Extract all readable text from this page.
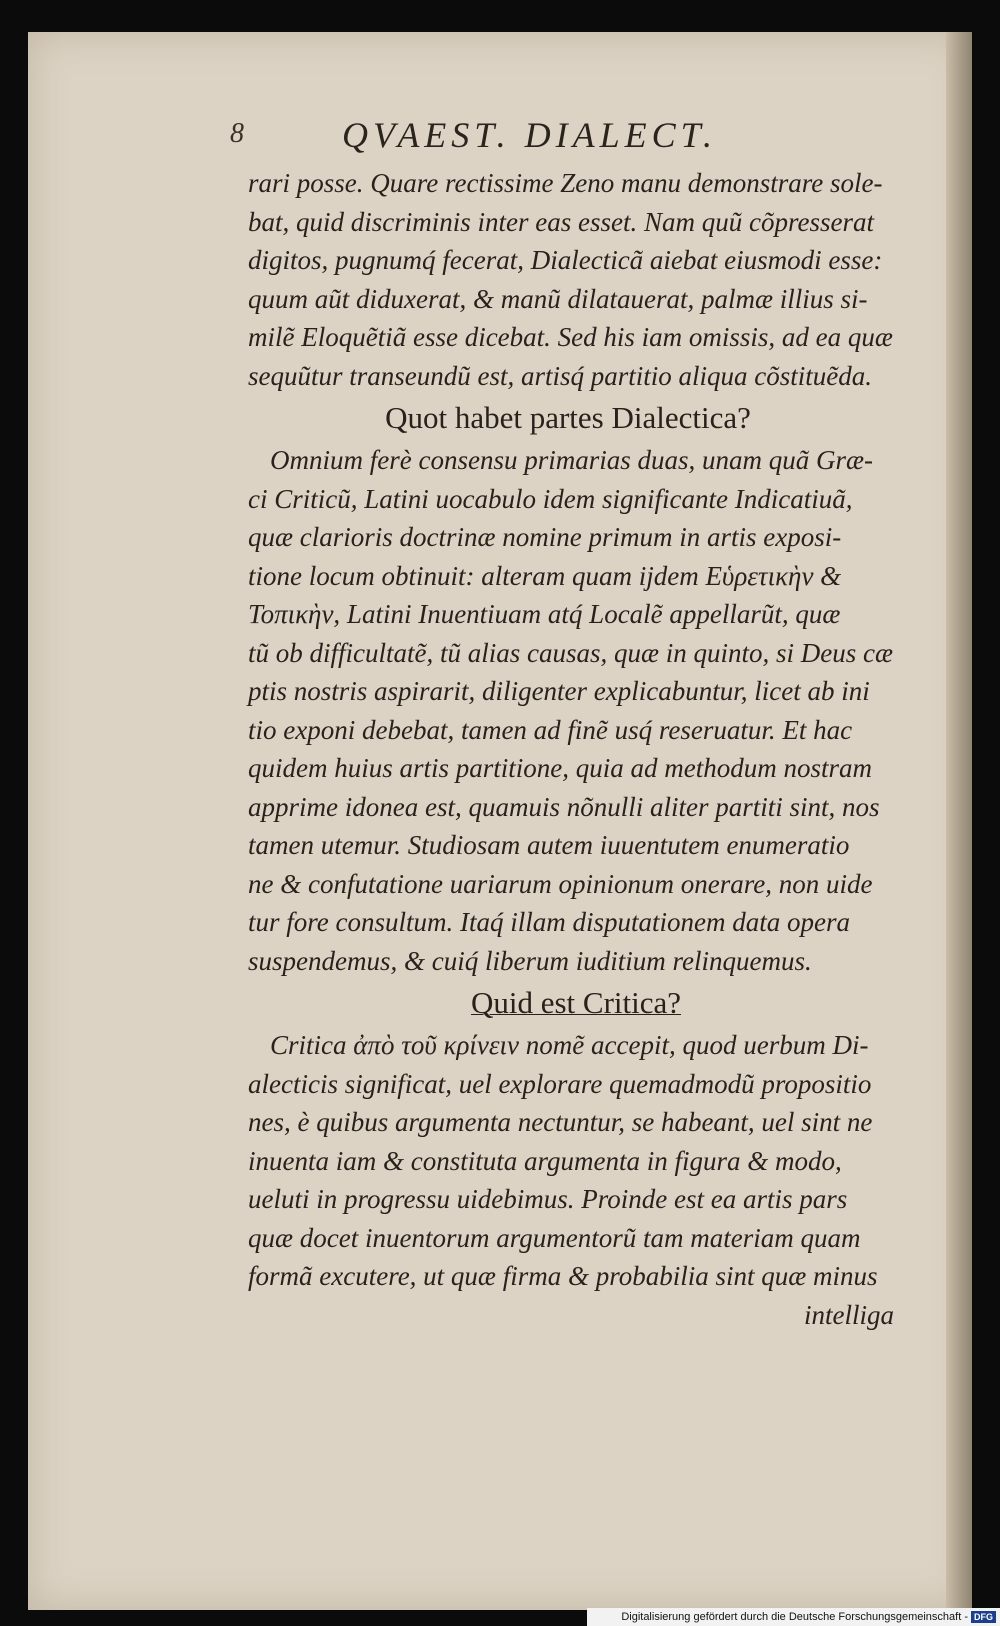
8	QVAEST. DIALECT.
rari posse. Quare rectissime Zeno manu demonstrare sole-
bat, quid discriminis inter eas esset. Nam quũ cõpresserat
digitos, pugnumq́ fecerat, Dialecticã aiebat eiusmodi esse:
quum aũt diduxerat, & manũ dilatauerat, palmæ illius si-
milẽ Eloquẽtiã esse dicebat. Sed his iam omissis, ad ea quæ
sequũtur transeundũ est, artisq́ partitio aliqua cõstituẽda.
Quot habet partes Dialectica?
Omnium ferè consensu primarias duas, unam quã Græ-
ci Criticũ, Latini uocabulo idem significante Indicatiuã,
quæ clarioris doctrinæ nomine primum in artis exposi-
tione locum obtinuit: alteram quam ijdem Εὑρετικὴν &
Τοπικὴν, Latini Inuentiuam atq́ Localẽ appellarũt, quæ
tũ ob difficultatẽ, tũ alias causas, quæ in quinto, si Deus cæ
ptis nostris aspirarit, diligenter explicabuntur, licet ab ini
tio exponi debebat, tamen ad finẽ usq́ reseruatur. Et hac
quidem huius artis partitione, quia ad methodum nostram
apprime idonea est, quamuis nõnulli aliter partiti sint, nos
tamen utemur. Studiosam autem iuuentutem enumeratio
ne & confutatione uariarum opinionum onerare, non uide
tur fore consultum. Itaq́ illam disputationem data opera
suspendemus, & cuiq́ liberum iuditium relinquemus.
Quid est Critica?
Critica ἀπὸ τοῦ κρίνειν nomẽ accepit, quod uerbum Di-
alecticis significat, uel explorare quemadmodũ propositio
nes, è quibus argumenta nectuntur, se habeant, uel sint ne
inuenta iam & constituta argumenta in figura & modo,
ueluti in progressu uidebimus. Proinde est ea artis pars
quæ docet inuentorum argumentorũ tam materiam quam
formã excutere, ut quæ firma & probabilia sint quæ minus
intelliga
Digitalisierung gefördert durch die Deutsche Forschungsgemeinschaft - DFG
